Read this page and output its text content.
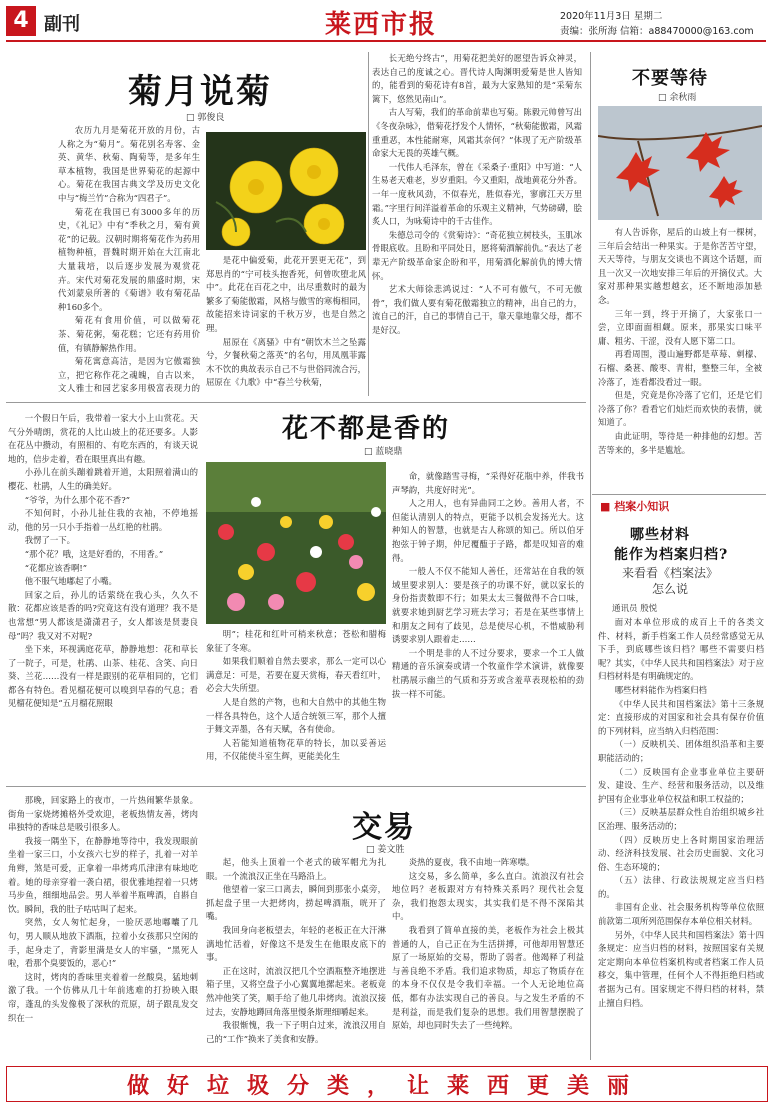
4 副刊	莱西市报	2020年11月3日 星期二
责编：张所海 信箱：a88470000@163.com
菊月说菊
□ 郭俊良

农历九月是菊花开放的月份，古人称之为“菊月”。菊花别名寿客、金英、黄华、秋菊、陶菊等，是多年生草本植物，我国是世界菊花的起源中心。菊花在我国古典文学及历史文化中与“梅兰竹”合称为“四君子”。

菊花在我国已有3000多年的历史，《礼记》中有“季秋之月，菊有黄花”的记载。汉朝时期将菊花作为药用植物种植，晋魏时期开始在大江南北大量栽培，以后逐步发展为观赏花卉。宋代对菊花发展的鼎盛时期，宋代刘蒙泉所著的《菊谱》收有菊花品种160多个。

菊花有食用价值，可以做菊花茶、菊花粥，菊花糕；它还有药用价值，有镇静解热作用。

菊花寓意高洁，是因为它傲霜独立，把它称作花之魂魄，自古以来，文人雅士和园艺家多用极富表现力的

是花中偏爱菊，此花开罢更无花”，到郑思肖的“宁可枝头抱香死，何曾吹堕北风中”。此花在百花之中，出尽重数时的最为繁多了菊能傲霜，风格与傲雪的寒梅相同，故能招来诗词家的千秋万岁，也是自然之理。

屈原在《离骚》中有“朝饮木兰之坠露兮，夕餐秋菊之落英”的名句，用凤凰菲露木不饮的典故表示自己不与世俗同流合污，屈原在《九歌》中“春兰兮秋菊，

长无绝兮终古”，用菊花把美好的愿望告诉众神灵，表达自己的度诚之心。晋代诗人陶渊明爱菊是世人皆知的，能看到的菊花诗有8首，最为大家熟知的是“采菊东篱下，悠然见南山”。

古人写菊，我们的革命前辈也写菊。陈毅元帅曾写出《冬夜杂咏》，借菊花抒发个人情怀，“秋菊能傲霜，风霜重重恶，本性能耐寒，风霜其奈何？”体现了无产阶级革命家大无畏的英雄气概。

一代伟人毛泽东，曾在《采桑子·重阳》中写道：“人生易老天难老，岁岁重阳。今又重阳，战地黄花分外香。一年一度秋风劲，不似春光，胜似春光，寥廓江天万里霜。”字里行间洋溢着革命的乐观主义精神，气势磅礴，脍炙人口，为咏菊诗中的千古佳作。

朱德总司令的《赏菊诗》：“奇花独立树枝头，玉肌冰骨眼底收。且盼和平同处日，愿将菊酒解前仇。”表达了老辈无产阶级革命家企盼和平，用菊酒化解前仇的博大情怀。

艺术大师徐悲鸿说过：“人不可有傲气，不可无傲骨”，我们做人要有菊花傲霜独立的精神，出自己的力，流自己的汗，自己的事情自己干，靠天靠地靠父母，都不是好汉。

花不都是香的
□ 蓝晓鼎

一个假日午后，我带着一家大小上山赏花。天气分外晴朗，赏花的人比山坡上的花还要多。人影在花丛中攒动，有照相的、有吃东西的，有谈天说地的，信步走着，看在眼里真出有趣。

小孙儿在前头蹦着跳着开道，太阳照着满山的樱花、杜鹃，人生的确美好。

“爷爷，为什么那个花不香?”

不知何时，小孙儿扯住我的衣袖，不停地摇动，他的另一只小手指着一丛红艳的杜鹃。

我愣了一下。

“那个花？哦，这是好看的，不用香。”

“花都应该香啊!”

他不服气地嘟起了小嘴。

回家之后，孙儿的话萦绕在我心头，久久不散：花都应该是香的吗?究竟这有没有道理？我不是也常想“男人都该是潇潇君子，女人都该是贤妻良母”吗？我又对不对呢?

坐下来，环视满庭花草，静静地想：花和草长了一院子，可是，杜鹃、山茶、桂花、含笑、向日葵、兰花……没有一样是跟别的花草相同的，它们都各有特色。看见榴花便可以嗅到早春的气息；看见榴花便知是“五月榴花照眼

明”；桂花和红叶可梢来秋意；苍松和腊梅象征了冬寒。

如果我们顺着自然去要求，那么一定可以心满意足：可是，若要在夏天赏梅，春天看红叶，必会大失所望。

人是自然的产物，也和大自然中的其他生物一样各具特色，这个人适合统领三军，那个人擅于舞文弄墨，各有天赋，各有使命。

人若能知道植物花草的特长，加以妥善运用，不仅能使斗室生辉，更能美化生

命，就像踏雪寻梅，“采得好花瓶中养，伴我书声琴韵，共度好时光”。

人之用人，也有异曲同工之妙。善用人者，不但能认清别人的特点，更能予以机会发扬光大。这种知人的智慧，也就是古人称颂的知己。所以伯牙抱弦于钟子期，仲尼覆醢于子路，都是叹知音的难得。

一般人不仅不能知人善任，还常站在自我的领域里要求别人：要是孩子的功课不好，就以家长的身份指责数即不行；如果太太三餐做得不合口味，就要求她到厨艺学习班去学习；若是在某些事情上和朋友之间有了歧见，总是使尽心机，不惜威胁利诱要求别人跟着走……

一个明是非的人不过分要求，要求一个工人做精通的音乐演奏或请一个牧童作学术演讲，就像要杜鹃展示幽兰的气质和芬芳或含羞草表现松柏的劲拔一样不可能。

交易
□ 姜文胜

那晚，回家路上的夜市，一片热闹繁华景象。街角一家烧烤摊格外受欢迎，老板热情友善，烤肉串独特的香味总是吸引很多人。

我接一隅坐下，在静静地等待中，我发现眼前坐着一家三口，小女孩六七岁的样子，扎着一对羊角辫，煞是可爱，正拿着一串烤鸡爪津津有味地吃着。她的母亲穿着一袭白裙，很优雅地捏着一只烤马步鱼，细细地品尝。男人举着半瓶啤酒，自斟自饮。瞬间，我的肚子咕咕叫了起来。

突然，女人匆忙起身，一脸厌恶地嘟囔了几句，男人顺从地放下酒瓶，拉着小女孩那只空闲的手，起身走了，背影里满是女人的牢骚，“黑死人啦，看那个臭要饭的，恶心!”

这时，烤肉的香味里夹着着一丝酸臭，猛地刺激了我。一个仿佛从几十年前逃难的打扮映入眼帘，蓬乱的头发像极了深秋的荒原，胡子跟乱发交织在一

起，他头上顶着一个老式的破军帽尤为扎眼。一个流浪汉正坐在马路沿上。

他望着一家三口离去，瞬间到那张小桌旁，抓起盘子里一大把烤肉，捞起啤酒瓶，咣开了嘴。

我回身向老板望去，年轻的老板正在大汗淋漓地忙活着，好像这不是发生在他眼皮底下的事。

正在这时，流浪汉把几个空酒瓶整齐地摆进箱子里，又将空盘子小心翼翼地摞起来。老板竟然冲他笑了笑，顺手给了他几串烤肉。流浪汉接过去，安静地蹲回角落里慢条斯理细嚼起来。

我很惭愧，我一下子明白过来，流浪汉用自己的“工作”换来了美食和安静。

炎热的夏夜，我不由地一阵寒噤。

这交易，多么简单，多么直白。流浪汉有社会地位吗？老板跟对方有特殊关系吗？现代社会复杂，我们抱怨太现实，其实我们是不得不深陷其中。

我看到了简单直接的美，老板作为社会上极其普通的人，自己正在为生活拼搏，可他却用智慧还原了一场原始的交易，帮助了弱者。他竭释了利益与善良绝不矛盾。我们追求物质，却忘了物质存在的本身不仅仅是令我们幸福。一个人无论地位高低，都有办法实现自己的善良。与之发生矛盾的不是利益，而是我们复杂的思想。我们用智慧摆脱了原始，却也同时失去了一些纯粹。

不要等待
□ 余秋雨

有人告诉你，屋后的山坡上有一棵树，三年后会结出一种果实。于是你苦苦守望，天天等待，与朋友交谈也不离这个话题，而且一次又一次地安排三年后的开摘仪式。大家对那种果实越想越玄，还不断地添加悬念。

三年一到，终于开摘了，大家张口一尝，立即面面相觑。原来，那果实口味平庸、粗劣、干涩，没有人愿下第二口。

再看周围，漫山遍野都是草莓、刺檬、石榴、桑葚、酸枣、青柑，整整三年，全被冷落了，连看都没看过一眼。

但是，究竟是你冷落了它们，还是它们冷落了你？看看它们灿烂而欢快的表情，就知道了。

由此证明，等待是一种排他的幻想。苦苦等来的，多半是尴尬。

■ 档案小知识
哪些材料
能作为档案归档?
来看看《档案法》
怎么说
通讯员 殷悦

面对本单位形成的成百上千的各类文件、材料，新手档案工作人员经常感觉无从下手，到底哪些该归档？哪些不需要归档呢？其实，《中华人民共和国档案法》对于应归档材料是有明确规定的。

哪些材料能作为档案归档

《中华人民共和国档案法》第十三条规定：直接形成的对国家和社会具有保存价值的下列材料，应当纳入归档范围：

（一）反映机关、团体组织沿革和主要职能活动的；

（二）反映国有企业事业单位主要研发、建设、生产、经营和服务活动，以及维护国有企业事业单位权益和职工权益的；

（三）反映基层群众性自治组织城乡社区治理、服务活动的；

（四）反映历史上各时期国家治理活动、经济科技发展、社会历史面貌、文化习俗、生态环境的；

（五）法律、行政法规规定应当归档的。

非国有企业、社会服务机构等单位依照前款第二项所列范围保存本单位相关材料。

另外，《中华人民共和国档案法》第十四条规定：应当归档的材料，按照国家有关规定定期向本单位档案机构或者档案工作人员移交，集中管理，任何个人不得拒绝归档或者据为己有。国家规定不得归档的材料，禁止擅自归档。

做好垃圾分类，让莱西更美丽
